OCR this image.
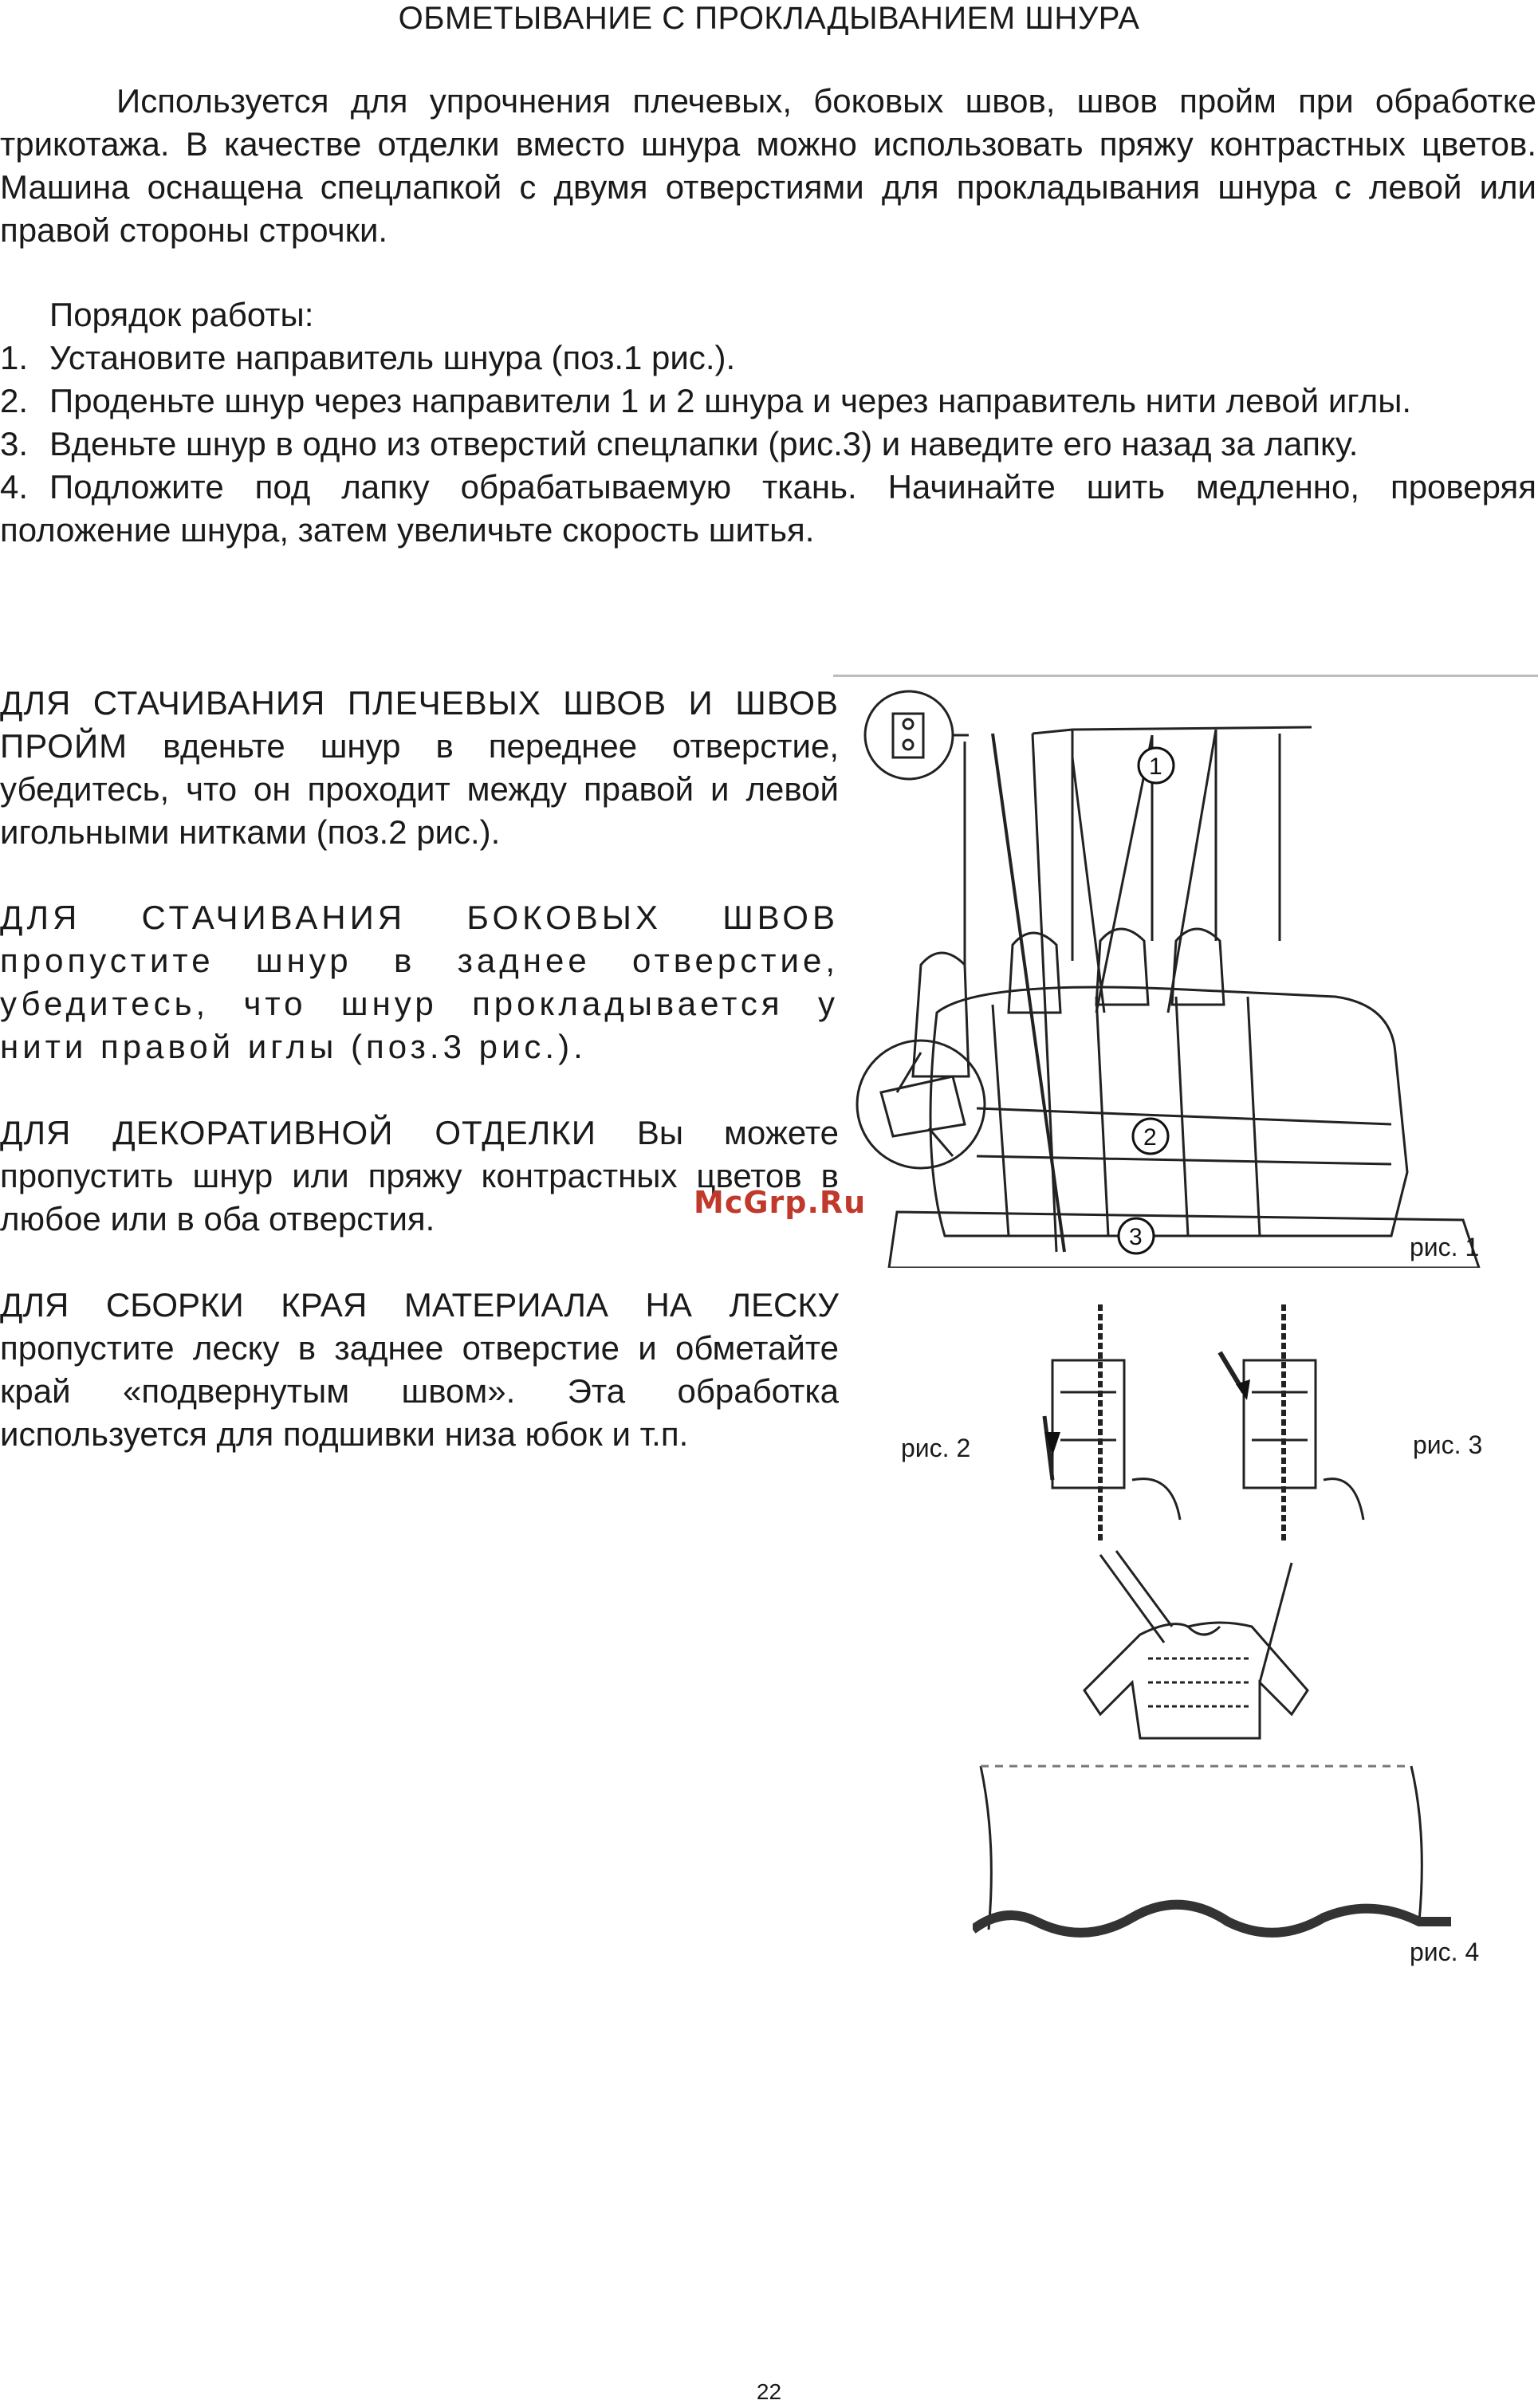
ОБМЕТЫВАНИЕ С ПРОКЛАДЫВАНИЕМ ШНУРА

Используется для упрочнения плечевых, боковых швов, швов пройм при обработке трикотажа. В качестве отделки вместо шнура можно использовать пряжу контрастных цветов. Машина оснащена спецлапкой с двумя отверстиями для прокладывания шнура с левой или правой стороны строчки.

Порядок работы:

1. Установите направитель шнура (поз.1 рис.).
2. Проденьте шнур через направители 1 и 2 шнура и через направитель нити левой иглы.
3. Вденьте шнур в одно из отверстий спецлапки (рис.3) и наведите его назад за лапку.
4. Подложите под лапку обрабатываемую ткань. Начинайте шить медленно, проверяя положение шнура, затем увеличьте скорость шитья.

ДЛЯ СТАЧИВАНИЯ ПЛЕЧЕВЫХ ШВОВ И ШВОВ ПРОЙМ вденьте шнур в переднее отверстие, убедитесь, что он проходит между правой и левой игольными нитками (поз.2 рис.).

ДЛЯ СТАЧИВАНИЯ БОКОВЫХ ШВОВ пропустите шнур в заднее отверстие, убедитесь, что шнур прокладывается у нити правой иглы (поз.3 рис.).

ДЛЯ ДЕКОРАТИВНОЙ ОТДЕЛКИ Вы можете пропустить шнур или пряжу контрастных цветов в любое или в оба отверстия.

ДЛЯ СБОРКИ КРАЯ МАТЕРИАЛА НА ЛЕСКУ пропустите леску в заднее отверстие и обметайте край «подвернутым швом». Эта обработка используется для подшивки низа юбок и т.п.

McGrp.Ru
1
3
2
рис. 1
рис. 2	рис. 3
рис. 4
22
